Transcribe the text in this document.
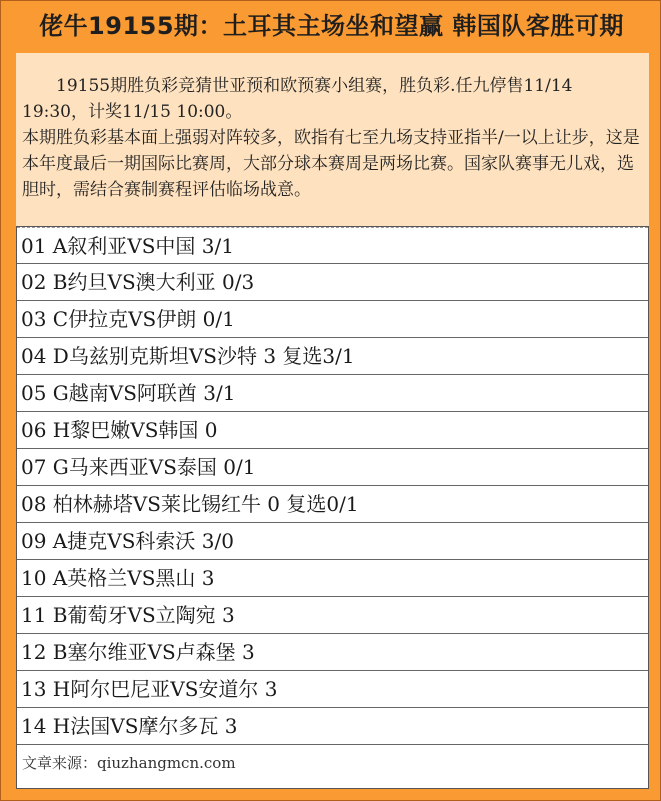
佬牛19155期：土耳其主场坐和望赢 韩国队客胜可期

19155期胜负彩竞猜世亚预和欧预赛小组赛，胜负彩.任九停售11/14 19:30，计奖11/15 10:00。

本期胜负彩基本面上强弱对阵较多，欧指有七至九场支持亚指半/一以上让步，这是本年度最后一期国际比赛周，大部分球本赛周是两场比赛。国家队赛事无儿戏，选胆时，需结合赛制赛程评估临场战意。

01 A叙利亚VS中国 3/1
02 B约旦VS澳大利亚 0/3
03 C伊拉克VS伊朗 0/1
04 D乌兹别克斯坦VS沙特 3 复选3/1
05 G越南VS阿联酋 3/1
06 H黎巴嫩VS韩国 0
07 G马来西亚VS泰国 0/1
08 柏林赫塔VS莱比锡红牛 0 复选0/1
09 A捷克VS科索沃 3/0
10 A英格兰VS黑山 3
11 B葡萄牙VS立陶宛 3
12 B塞尔维亚VS卢森堡 3
13 H阿尔巴尼亚VS安道尔 3
14 H法国VS摩尔多瓦 3
文章来源：qiuzhangmcn.com
